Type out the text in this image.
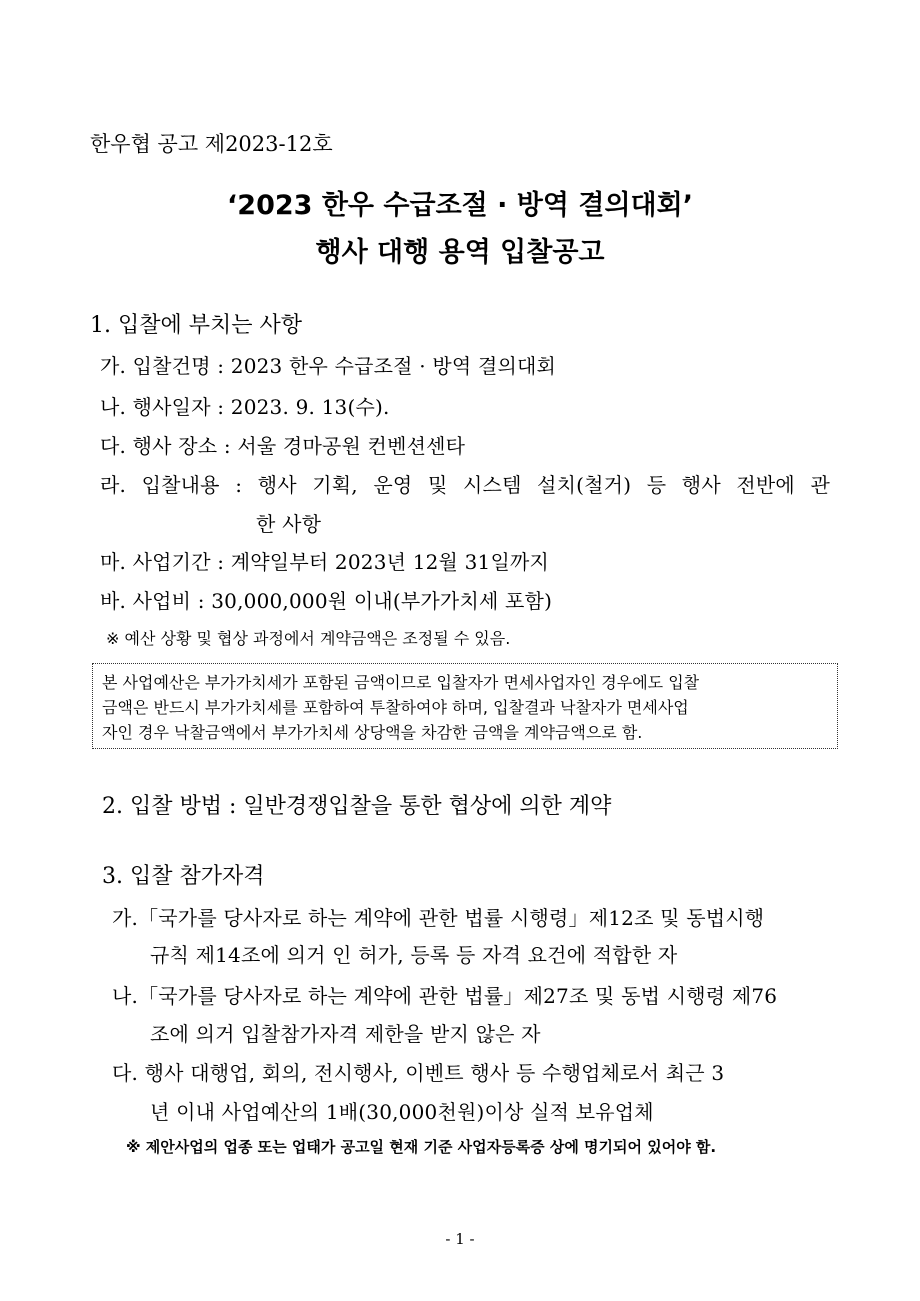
한우협 공고 제2023-12호
‘2023 한우 수급조절 · 방역 결의대회’
행사 대행 용역 입찰공고
1. 입찰에 부치는 사항
가. 입찰건명 : 2023 한우 수급조절 · 방역 결의대회
나. 행사일자 : 2023. 9. 13(수).
다. 행사 장소 : 서울 경마공원 컨벤션센타
라. 입찰내용 : 행사 기획, 운영 및 시스템 설치(철거) 등 행사 전반에 관
한 사항
마. 사업기간 : 계약일부터 2023년 12월 31일까지
바. 사업비 : 30,000,000원 이내(부가가치세 포함)
※ 예산 상황 및 협상 과정에서 계약금액은 조정될 수 있음.
본 사업예산은 부가가치세가 포함된 금액이므로 입찰자가 면세사업자인 경우에도 입찰
금액은 반드시 부가가치세를 포함하여 투찰하여야 하며, 입찰결과 낙찰자가 면세사업
자인 경우 낙찰금액에서 부가가치세 상당액을 차감한 금액을 계약금액으로 함.
2. 입찰 방법 : 일반경쟁입찰을 통한 협상에 의한 계약
3. 입찰 참가자격
가.「국가를 당사자로 하는 계약에 관한 법률 시행령」제12조 및 동법시행
규칙 제14조에 의거 인 허가, 등록 등 자격 요건에 적합한 자
나.「국가를 당사자로 하는 계약에 관한 법률」제27조 및 동법 시행령 제76
조에 의거 입찰참가자격 제한을 받지 않은 자
다. 행사 대행업, 회의, 전시행사, 이벤트 행사 등 수행업체로서 최근 3
년 이내 사업예산의 1배(30,000천원)이상 실적 보유업체
※ 제안사업의 업종 또는 업태가 공고일 현재 기준 사업자등록증 상에 명기되어 있어야 함.
- 1 -
